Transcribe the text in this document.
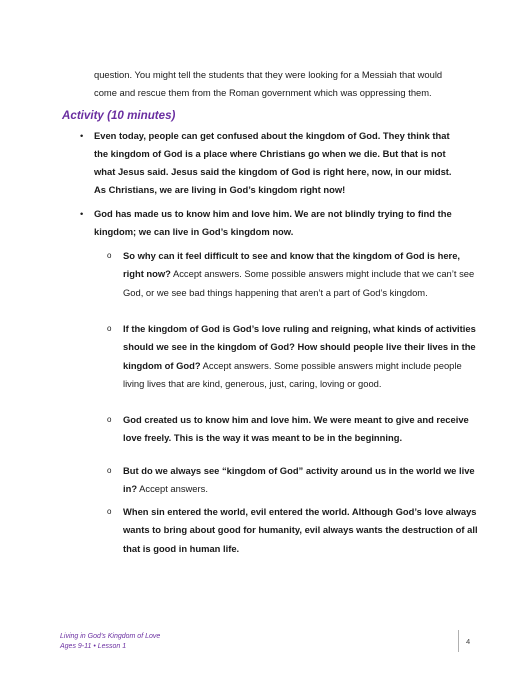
question. You might tell the students that they were looking for a Messiah that would
come and rescue them from the Roman government which was oppressing them.
Activity (10 minutes)
•	Even today, people can get confused about the kingdom of God. They think that
the kingdom of God is a place where Christians go when we die. But that is not
what Jesus said. Jesus said the kingdom of God is right here, now, in our midst.
As Christians, we are living in God’s kingdom right now!
•	God has made us to know him and love him. We are not blindly trying to find the
kingdom; we can live in God’s kingdom now.
o	So why can it feel difficult to see and know that the kingdom of God is here, right now? Accept answers. Some possible answers might include that we can’t see God, or we see bad things happening that aren’t a part of God’s kingdom.
o	If the kingdom of God is God’s love ruling and reigning, what kinds of activities should we see in the kingdom of God? How should people live their lives in the kingdom of God? Accept answers. Some possible answers might include people living lives that are kind, generous, just, caring, loving or good.
o	God created us to know him and love him. We were meant to give and receive love freely. This is the way it was meant to be in the beginning.
o	But do we always see “kingdom of God” activity around us in the world we live in? Accept answers.
o	When sin entered the world, evil entered the world. Although God’s love always wants to bring about good for humanity, evil always wants the destruction of all that is good in human life.
Living in God’s Kingdom of Love
Ages 9-11 • Lesson 1
4
